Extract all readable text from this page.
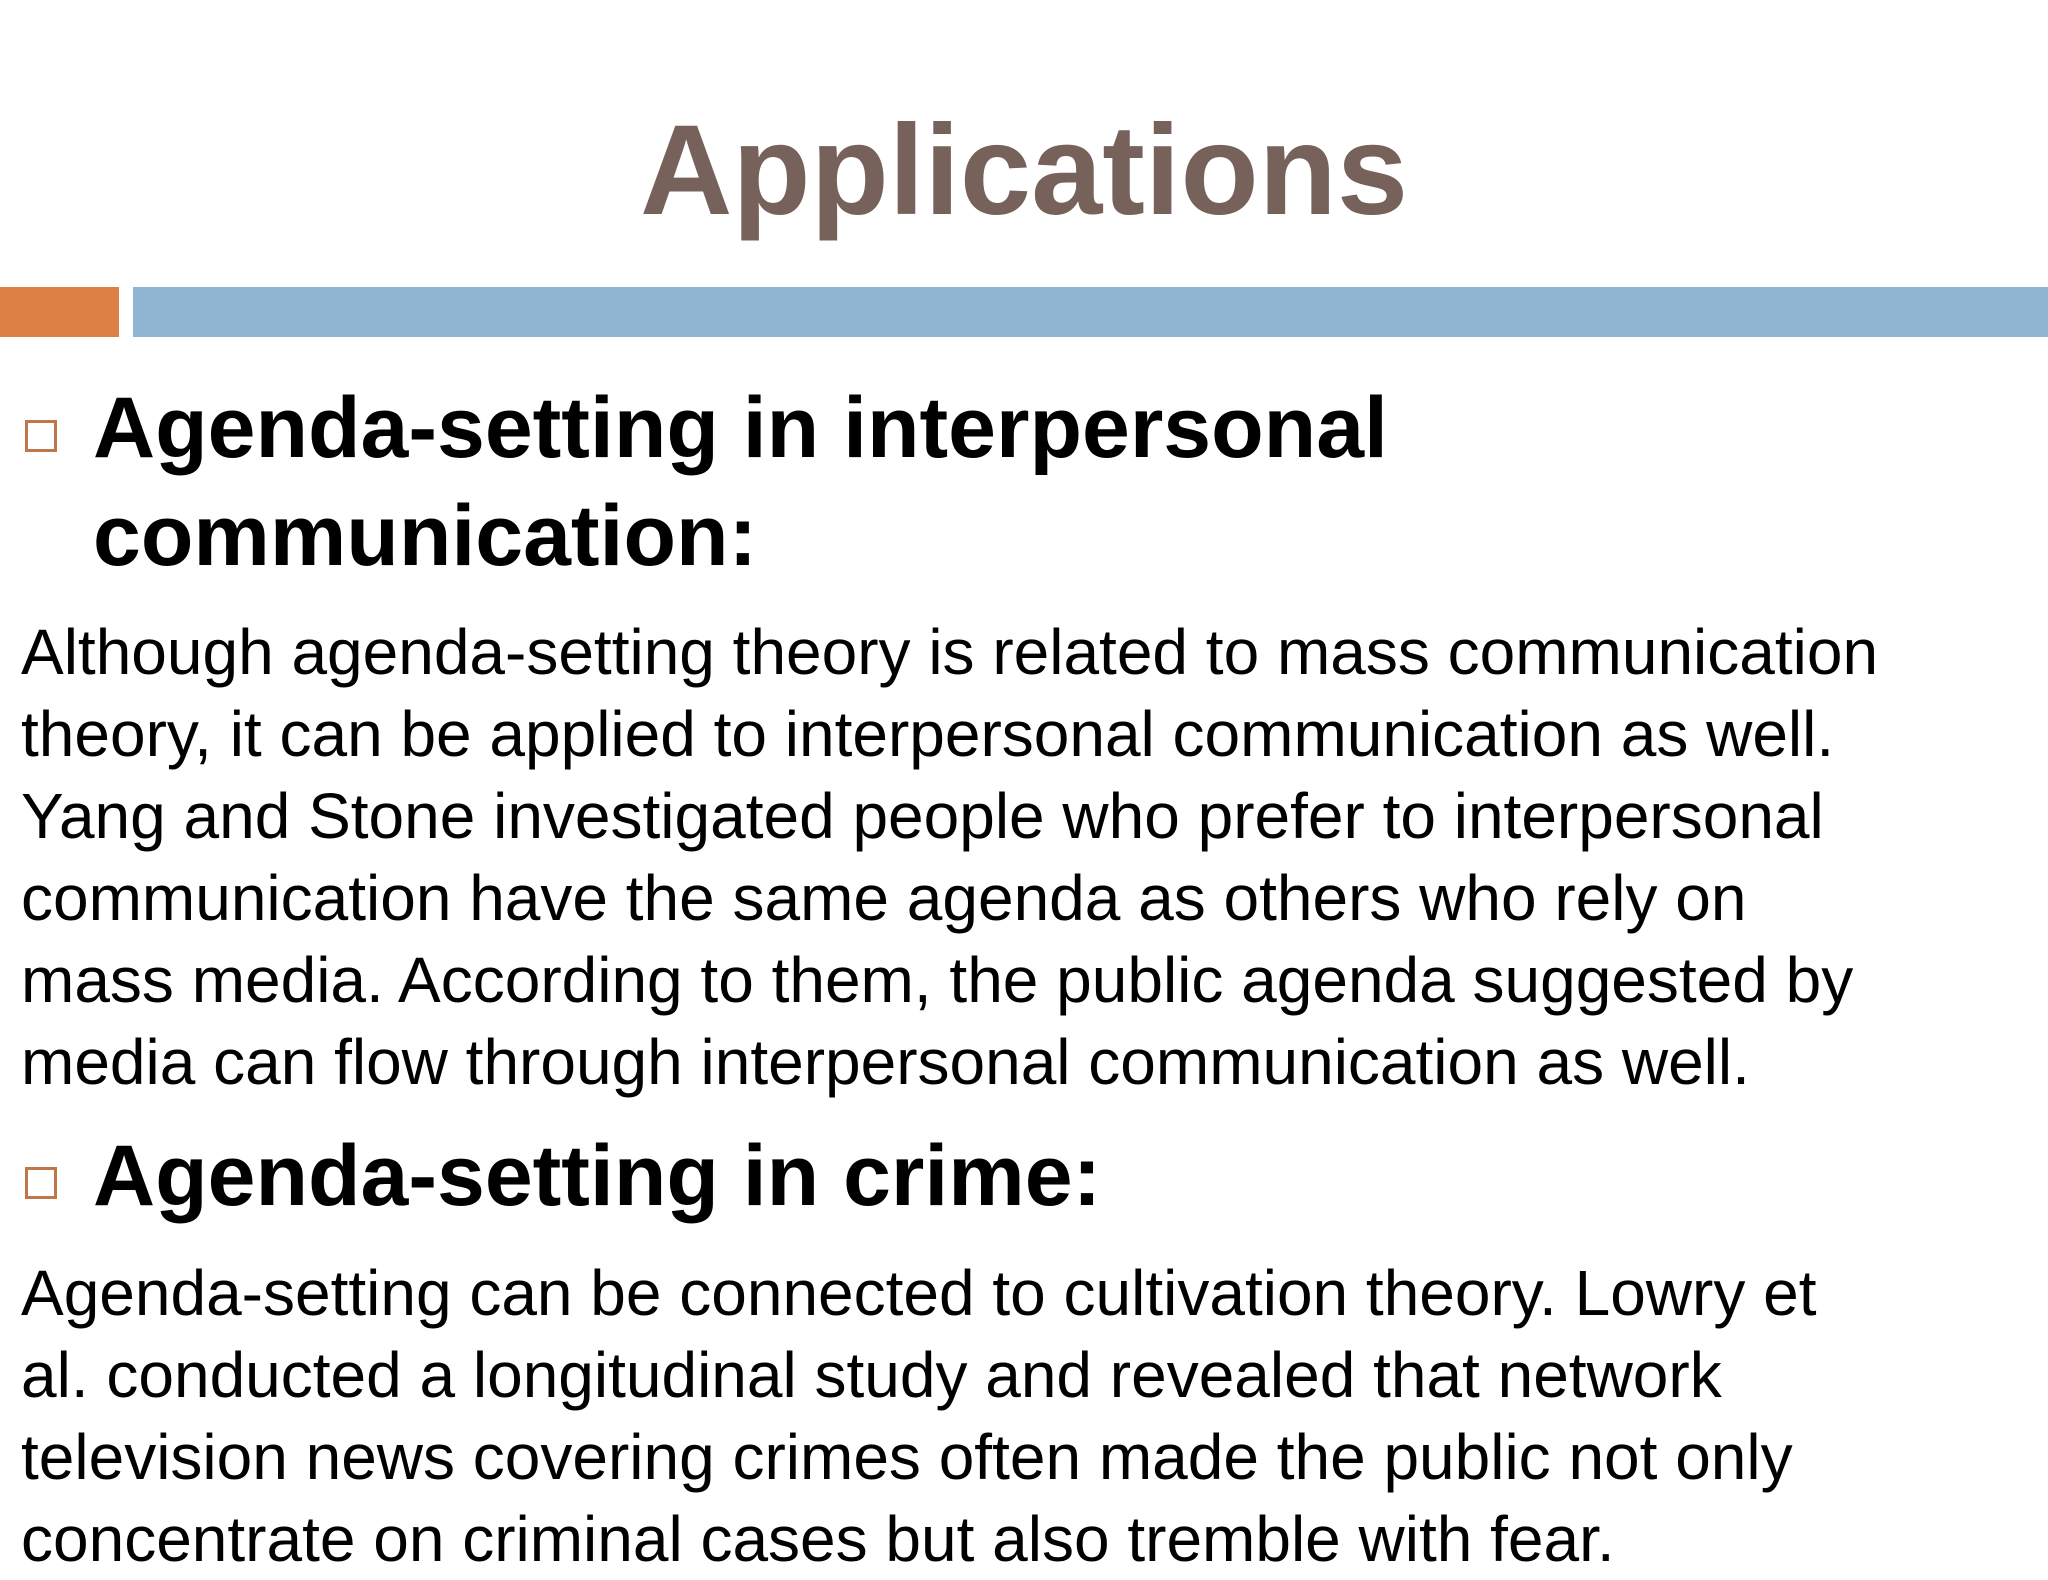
Applications
Agenda-setting in interpersonal
communication:

Although agenda-setting theory is related to mass communication
theory, it can be applied to interpersonal communication as well.
Yang and Stone investigated people who prefer to interpersonal
communication have the same agenda as others who rely on
mass media. According to them, the public agenda suggested by
media can flow through interpersonal communication as well.

Agenda-setting in crime:

Agenda-setting can be connected to cultivation theory. Lowry et
al. conducted a longitudinal study and revealed that network
television news covering crimes often made the public not only
concentrate on criminal cases but also tremble with fear.
